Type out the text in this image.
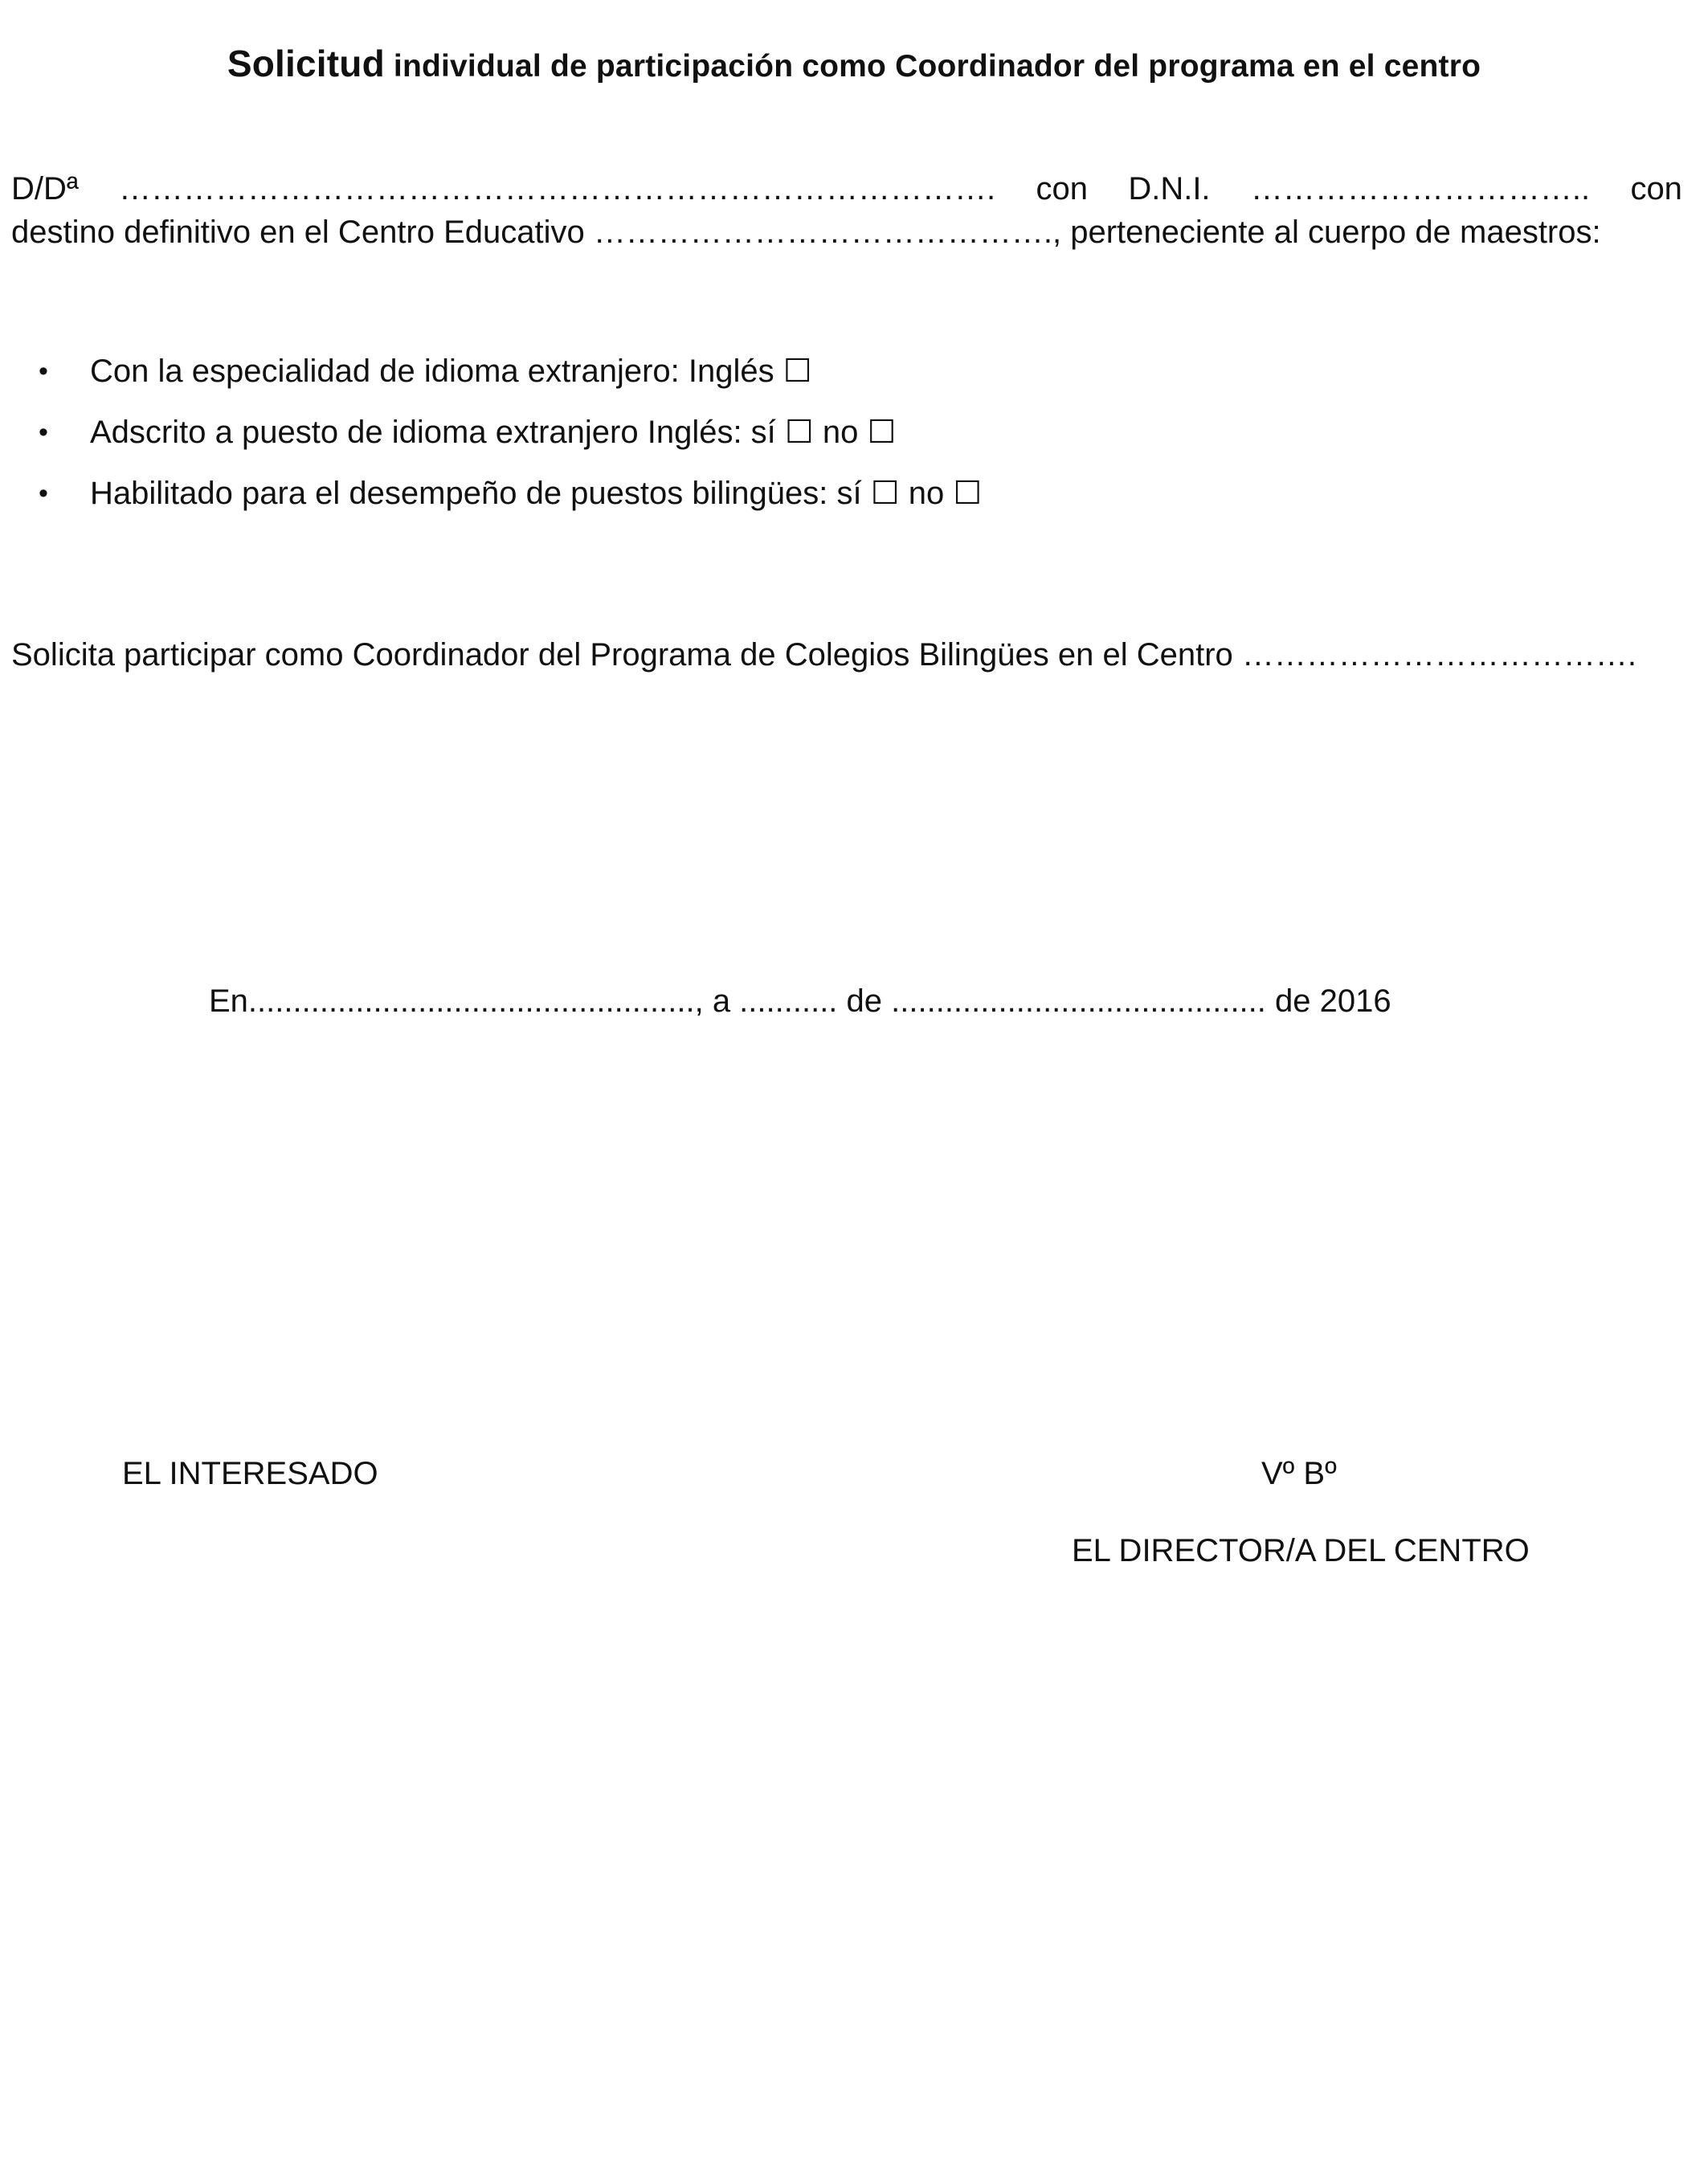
Solicitud individual de participación como Coordinador del programa en el centro
D/Dª ………………………………………………………………………. con D.N.I. ………………………….. con
destino definitivo en el Centro Educativo ……………………………………., perteneciente al cuerpo de maestros:
• Con la especialidad de idioma extranjero: Inglés ☐
• Adscrito a puesto de idioma extranjero Inglés: sí ☐ no ☐
• Habilitado para el desempeño de puestos bilingües: sí ☐ no ☐
Solicita participar como Coordinador del Programa de Colegios Bilingües en el Centro ……………………………….
En.................................................., a ........... de .......................................... de 2016
EL INTERESADO	Vº Bº
EL DIRECTOR/A DEL CENTRO
